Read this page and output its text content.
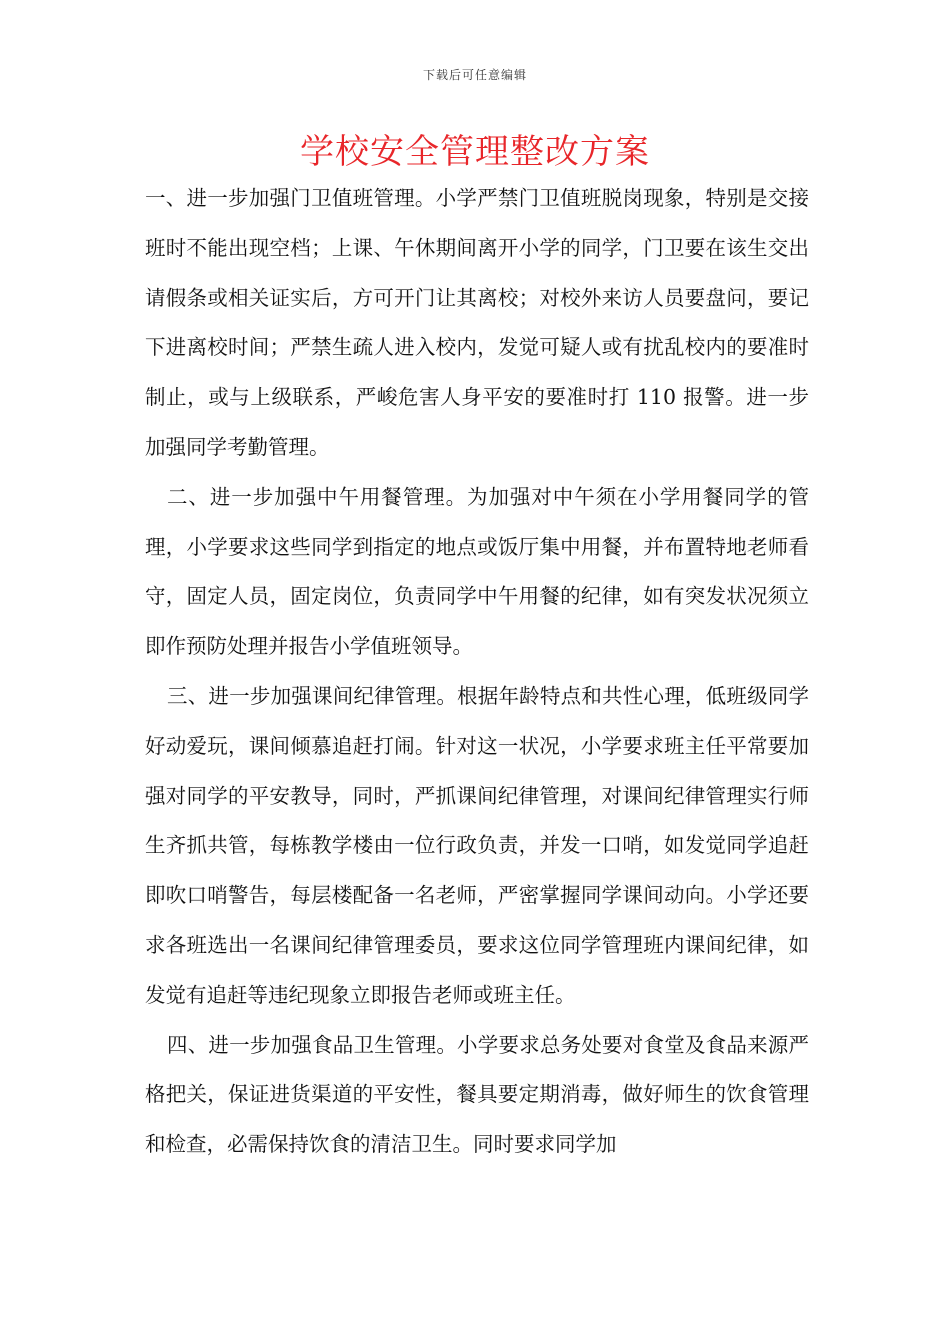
下载后可任意编辑
学校安全管理整改方案

一、进一步加强门卫值班管理。小学严禁门卫值班脱岗现象，特别是交接班时不能出现空档；上课、午休期间离开小学的同学，门卫要在该生交出请假条或相关证实后，方可开门让其离校；对校外来访人员要盘问，要记下进离校时间；严禁生疏人进入校内，发觉可疑人或有扰乱校内的要准时制止，或与上级联系，严峻危害人身平安的要准时打 110 报警。进一步加强同学考勤管理。

二、进一步加强中午用餐管理。为加强对中午须在小学用餐同学的管理，小学要求这些同学到指定的地点或饭厅集中用餐，并布置特地老师看守，固定人员，固定岗位，负责同学中午用餐的纪律，如有突发状况须立即作预防处理并报告小学值班领导。

三、进一步加强课间纪律管理。根据年龄特点和共性心理，低班级同学好动爱玩，课间倾慕追赶打闹。针对这一状况，小学要求班主任平常要加强对同学的平安教导，同时，严抓课间纪律管理，对课间纪律管理实行师生齐抓共管，每栋教学楼由一位行政负责，并发一口哨，如发觉同学追赶即吹口哨警告，每层楼配备一名老师，严密掌握同学课间动向。小学还要求各班选出一名课间纪律管理委员，要求这位同学管理班内课间纪律，如发觉有追赶等违纪现象立即报告老师或班主任。

四、进一步加强食品卫生管理。小学要求总务处要对食堂及食品来源严格把关，保证进货渠道的平安性，餐具要定期消毒，做好师生的饮食管理和检查，必需保持饮食的清洁卫生。同时要求同学加
